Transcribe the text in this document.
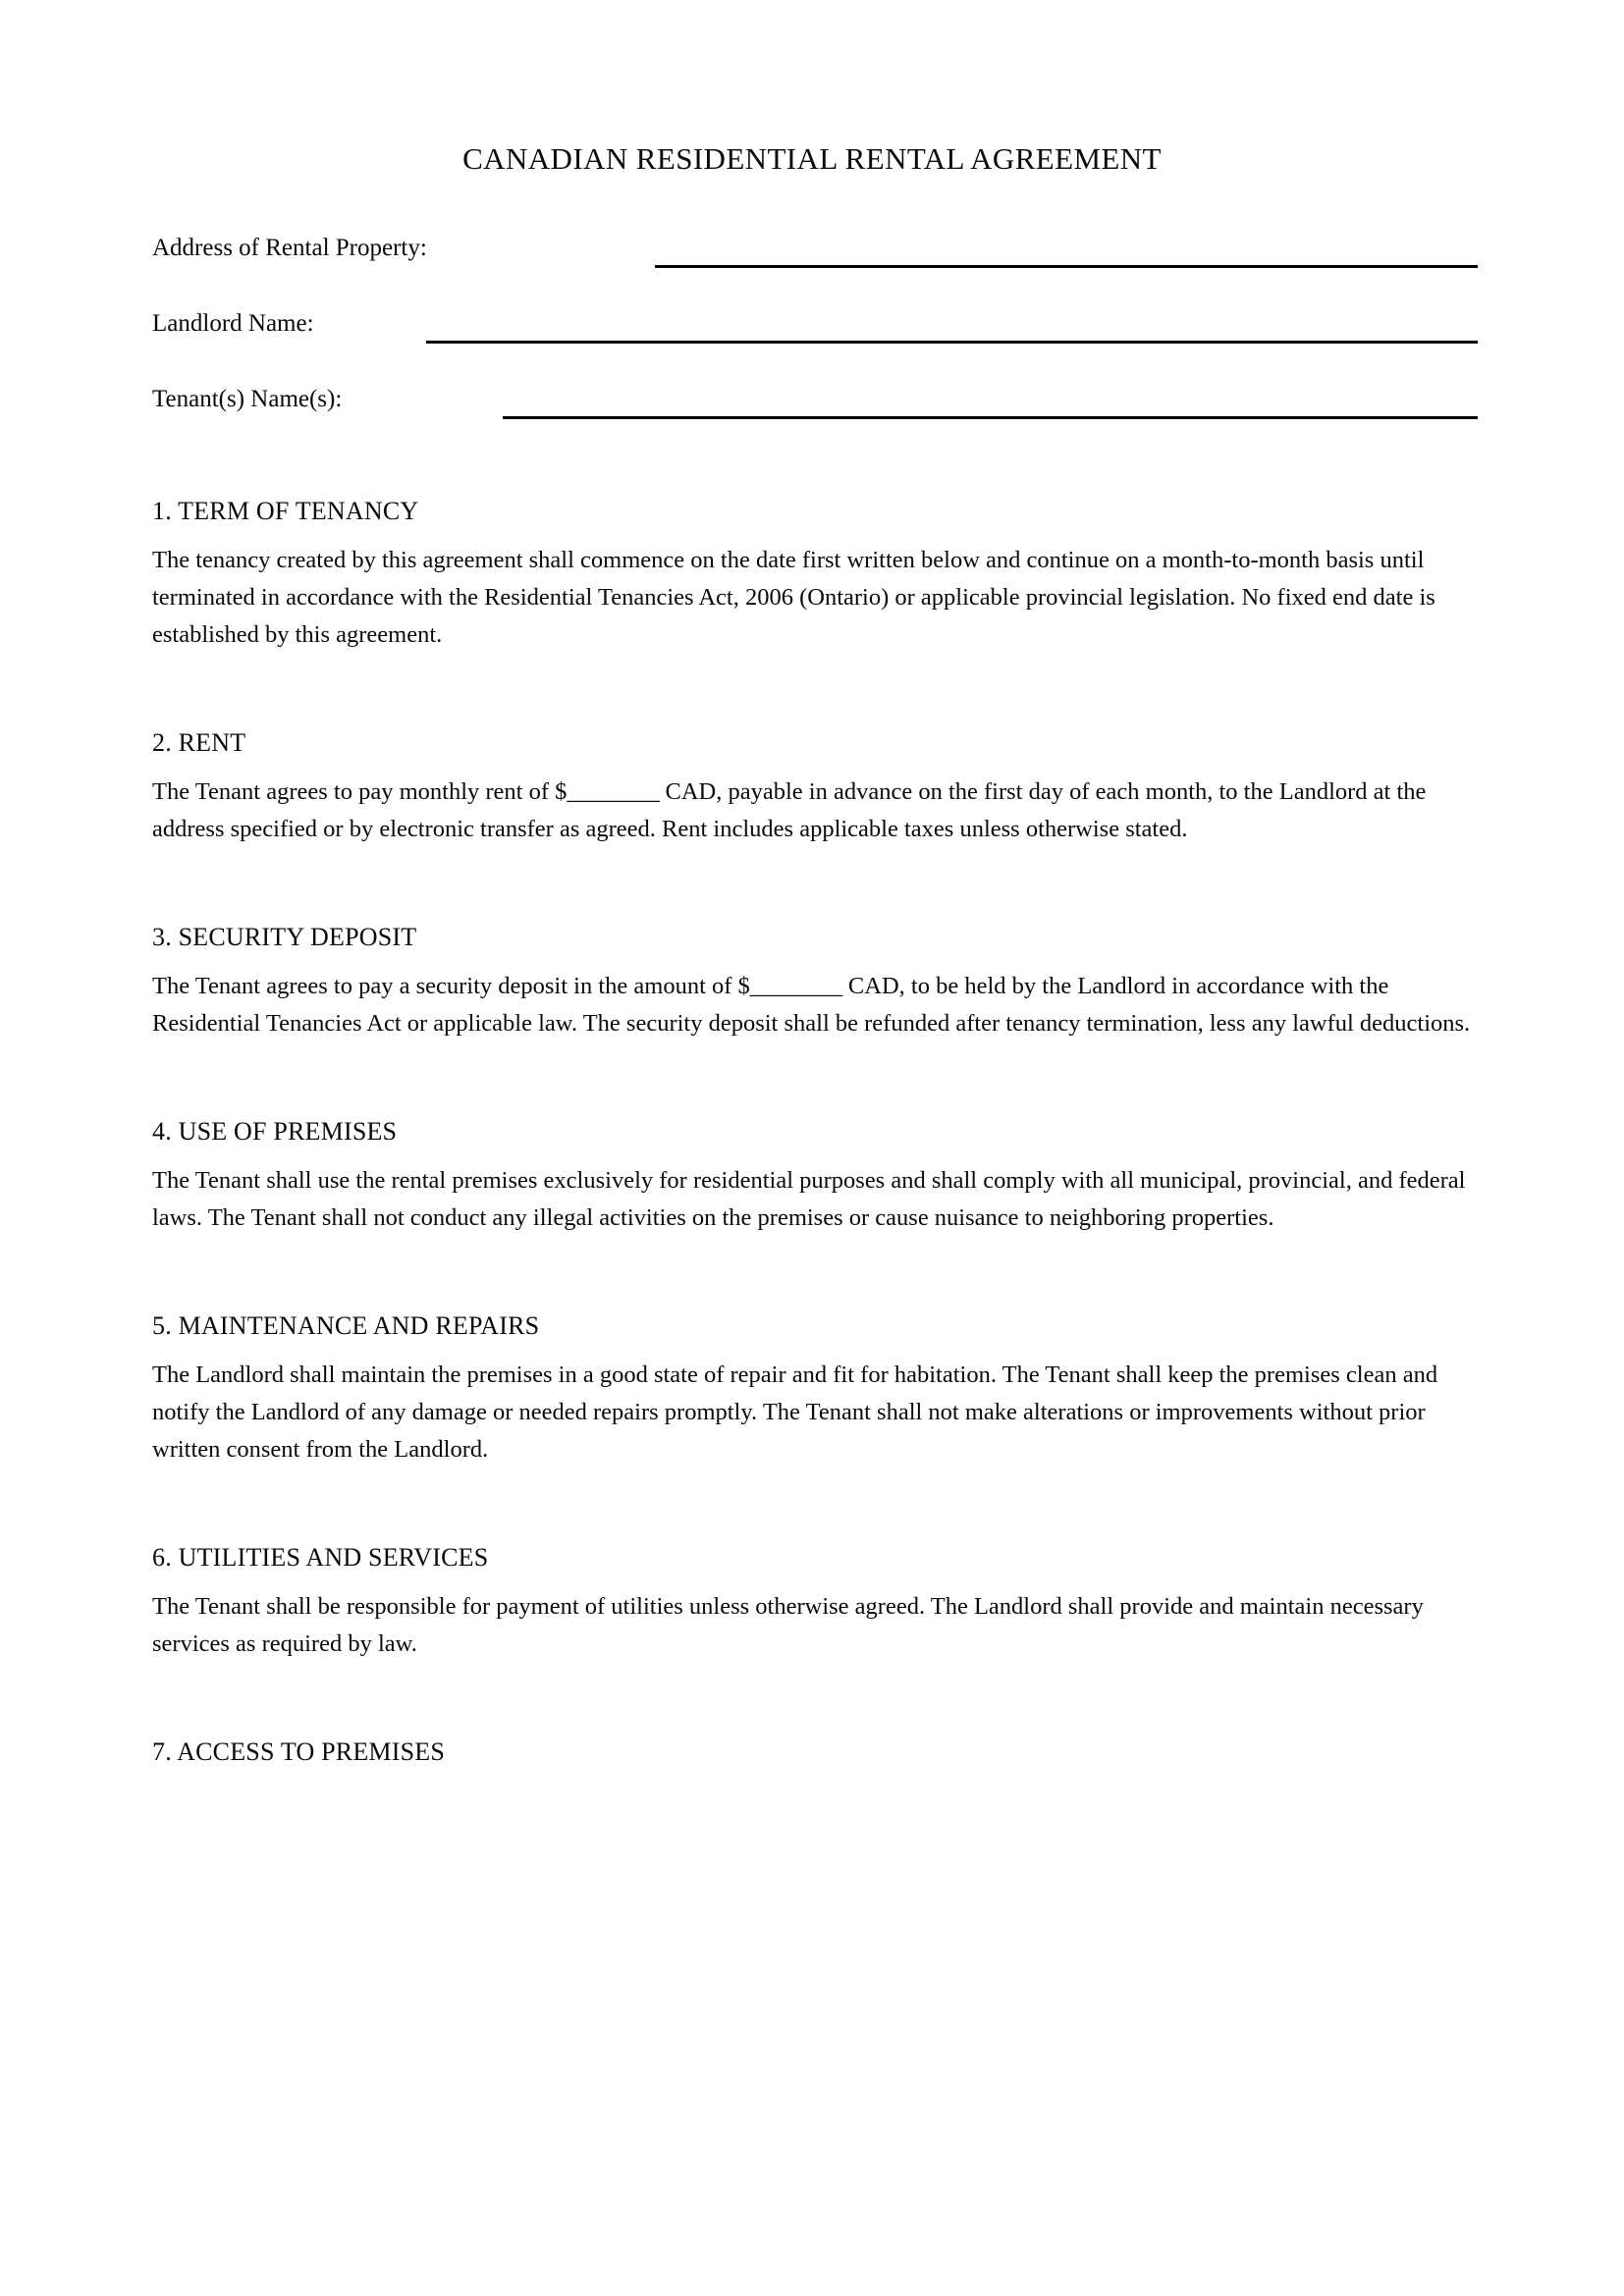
CANADIAN RESIDENTIAL RENTAL AGREEMENT
Address of Rental Property:
Landlord Name:
Tenant(s) Name(s):
1. TERM OF TENANCY

The tenancy created by this agreement shall commence on the date first written below and continue on a month-to-month basis until terminated in accordance with the Residential Tenancies Act, 2006 (Ontario) or applicable provincial legislation. No fixed end date is established by this agreement.

2. RENT

The Tenant agrees to pay monthly rent of $________ CAD, payable in advance on the first day of each month, to the Landlord at the address specified or by electronic transfer as agreed. Rent includes applicable taxes unless otherwise stated.

3. SECURITY DEPOSIT

The Tenant agrees to pay a security deposit in the amount of $________ CAD, to be held by the Landlord in accordance with the Residential Tenancies Act or applicable law. The security deposit shall be refunded after tenancy termination, less any lawful deductions.

4. USE OF PREMISES

The Tenant shall use the rental premises exclusively for residential purposes and shall comply with all municipal, provincial, and federal laws. The Tenant shall not conduct any illegal activities on the premises or cause nuisance to neighboring properties.

5. MAINTENANCE AND REPAIRS

The Landlord shall maintain the premises in a good state of repair and fit for habitation. The Tenant shall keep the premises clean and notify the Landlord of any damage or needed repairs promptly. The Tenant shall not make alterations or improvements without prior written consent from the Landlord.

6. UTILITIES AND SERVICES

The Tenant shall be responsible for payment of utilities unless otherwise agreed. The Landlord shall provide and maintain necessary services as required by law.

7. ACCESS TO PREMISES
